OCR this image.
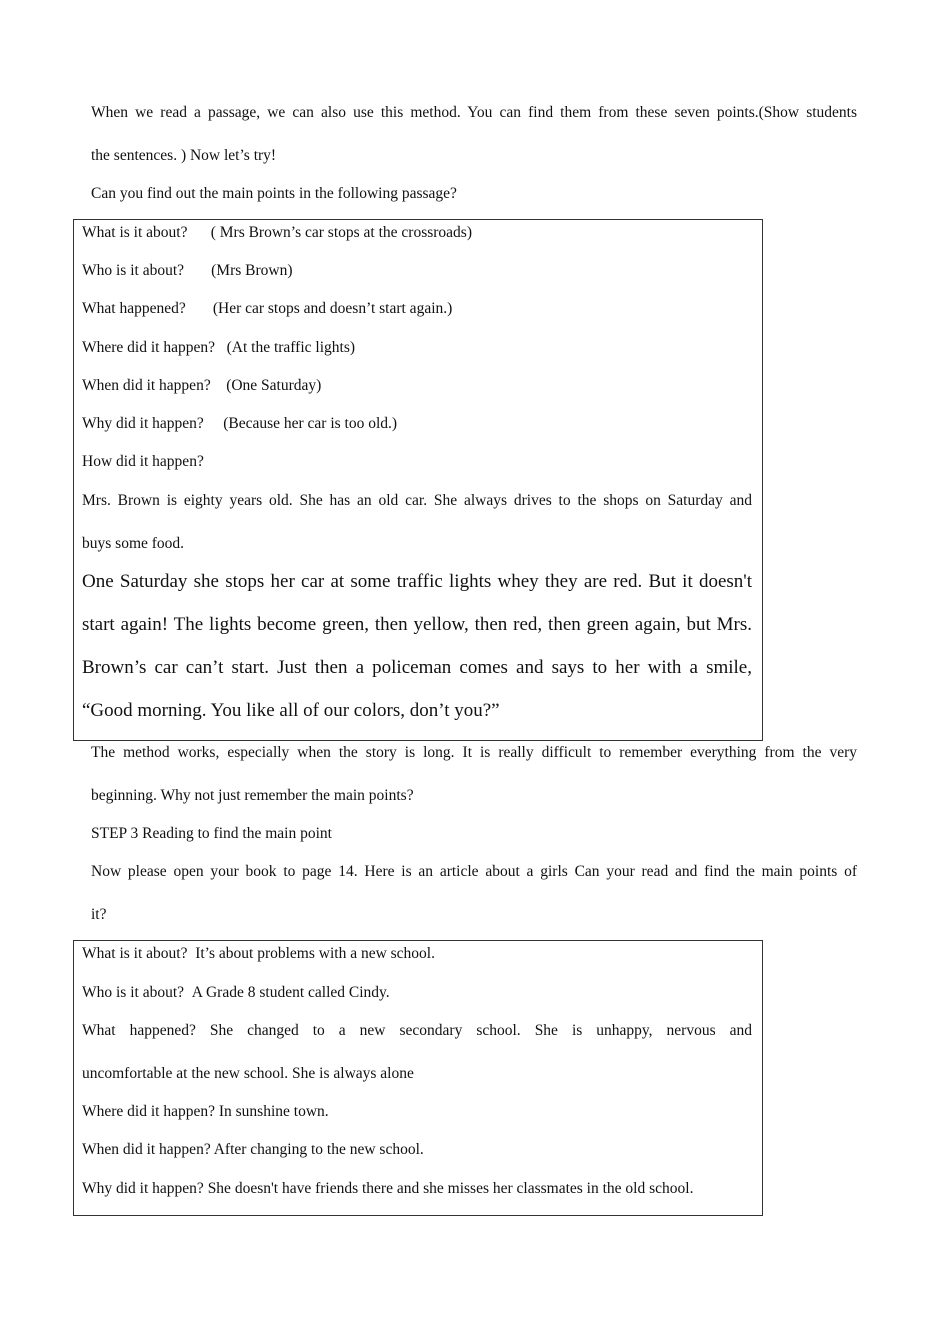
When we read a passage, we can also use this method. You can find them from these seven points.(Show students
the sentences. ) Now let’s try!
Can you find out the main points in the following passage?
What is it about?      ( Mrs Brown’s car stops at the crossroads)
Who is it about?       (Mrs Brown)
What happened?       (Her car stops and doesn’t start again.)
Where did it happen?   (At the traffic lights)
When did it happen?    (One Saturday)
Why did it happen?     (Because her car is too old.)
How did it happen?
Mrs. Brown is eighty years old. She has an old car. She always drives to the shops on Saturday and
buys some food.
One Saturday she stops her car at some traffic lights whey they are red. But it doesn't
start again! The lights become green, then yellow, then red, then green again, but Mrs.
Brown’s car can’t start. Just then a policeman comes and says to her with a smile,
“Good morning. You like all of our colors, don’t you?”
The method works, especially when the story is long. It is really difficult to remember everything from the very
beginning. Why not just remember the main points?
STEP 3 Reading to find the main point
Now please open your book to page 14. Here is an article about a girls Can your read and find the main points of
it?
What is it about?  It’s about problems with a new school.
Who is it about?  A Grade 8 student called Cindy.
What happened? She changed to a new secondary school. She is unhappy, nervous and
uncomfortable at the new school. She is always alone
Where did it happen? In sunshine town.
When did it happen? After changing to the new school.
Why did it happen? She doesn't have friends there and she misses her classmates in the old school.
